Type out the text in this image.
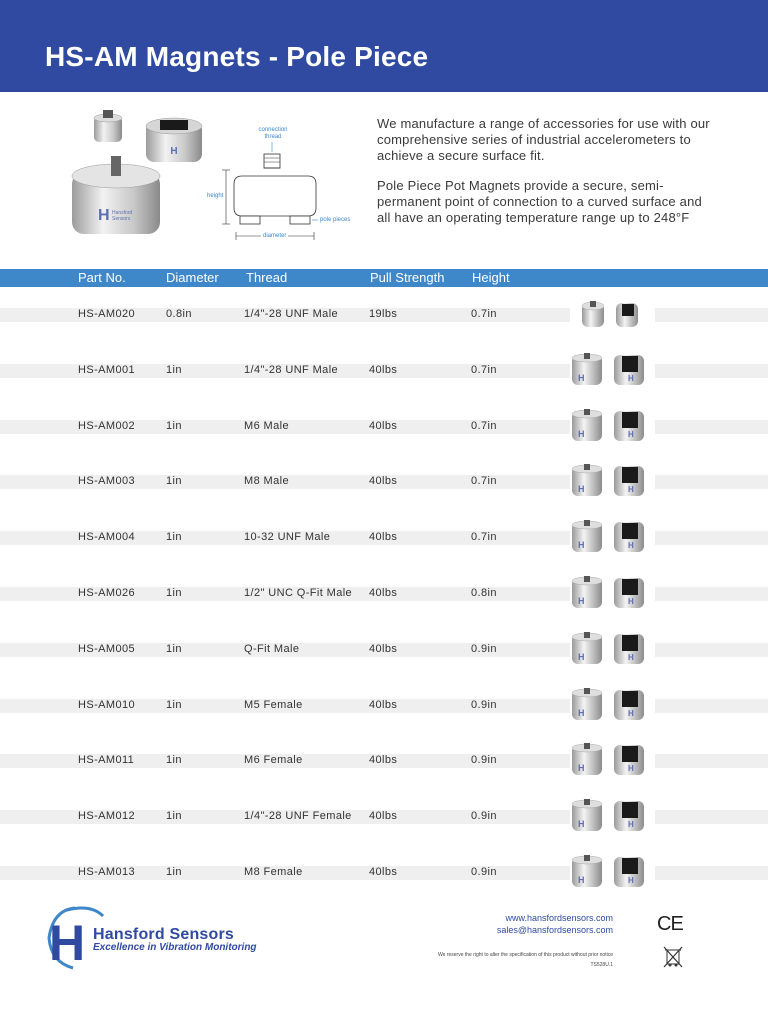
HS-AM Magnets - Pole Piece
H
H Hansford
Sensors
connection
thread
height
pole pieces
diameter

We manufacture a range of accessories for use with our comprehensive series of industrial accelerometers to achieve a secure surface fit.

Pole Piece Pot Magnets provide a secure, semi-permanent point of connection to a curved surface and all have an operating temperature range up to 248°F

Part No.	Diameter Thread	Pull Strength Height
HS-AM020	0.8in	1/4"-28 UNF Male	19lbs	0.7in
HS-AM001	1in	1/4"-28 UNF Male	40lbs	0.7in
H	H
HS-AM002	1in	M6 Male	40lbs	0.7in
H	H
HS-AM003	1in	M8 Male	40lbs	0.7in
H	H
HS-AM004	1in	10-32 UNF Male	40lbs	0.7in
H	H
HS-AM026	1in	1/2" UNC Q-Fit Male 40lbs	0.8in
H	H
HS-AM005	1in	Q-Fit Male	40lbs	0.9in
H	H
HS-AM010	1in	M5 Female	40lbs	0.9in
H	H
HS-AM011	1in	M6 Female	40lbs	0.9in
H	H
HS-AM012	1in	1/4"-28 UNF Female 40lbs	0.9in
H	H
HS-AM013	1in	M8 Female	40lbs	0.9in
H	H
H Hansford Sensors
Excellence in Vibration Monitoring
www.hansfordsensors.com
sales@hansfordsensors.com
We reserve the right to alter the specification of this product without prior notice
TS528U.1
CE
